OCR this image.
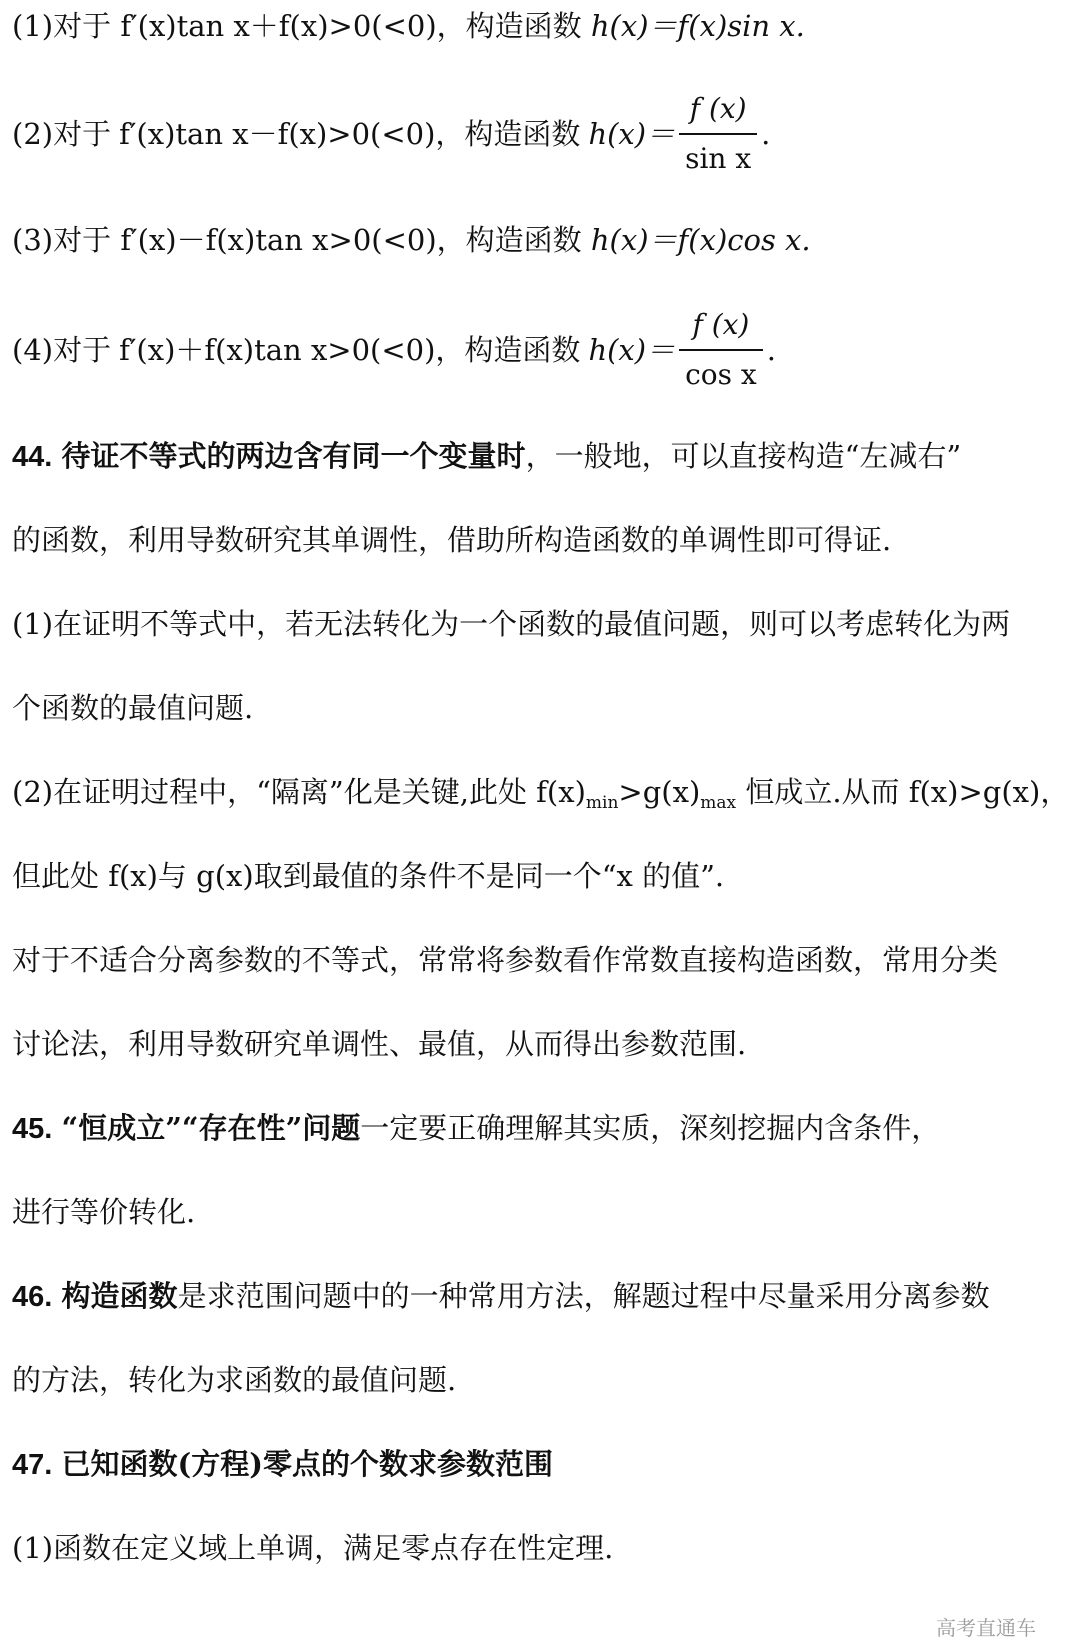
(1)对于 f′(x)tan x＋f(x)>0(<0)，构造函数 h(x)＝f(x)sin x.
(2)对于 f′(x)tan x－f(x)>0(<0)，构造函数 $h(x)= \frac{f (x)}{\text{sin x}}$ .
(3)对于 f′(x)－f(x)tan x>0(<0)，构造函数 h(x)＝f(x)cos x.
(4)对于 f′(x)＋f(x)tan x>0(<0)，构造函数 $h(x)= \frac{f (x)}{\text{cos x}}$ .
44. 待证不等式的两边含有同一个变量时，一般地，可以直接构造“左减右”
的函数，利用导数研究其单调性，借助所构造函数的单调性即可得证.
(1)在证明不等式中，若无法转化为一个函数的最值问题，则可以考虑转化为两
个函数的最值问题.
(2)在证明过程中，“隔离”化是关键,此处 $f(x)_{min}>g(x)_{max}$ 恒成立.从而 f(x)>g(x)，
但此处 f(x)与 g(x)取到最值的条件不是同一个“x 的值”.
对于不适合分离参数的不等式，常常将参数看作常数直接构造函数，常用分类
讨论法，利用导数研究单调性、最值，从而得出参数范围.
45. “恒成立”“存在性”问题一定要正确理解其实质，深刻挖掘内含条件，
进行等价转化.
46. 构造函数是求范围问题中的一种常用方法，解题过程中尽量采用分离参数
的方法，转化为求函数的最值问题.
47. 已知函数(方程)零点的个数求参数范围
(1)函数在定义域上单调，满足零点存在性定理.
高考直通车
